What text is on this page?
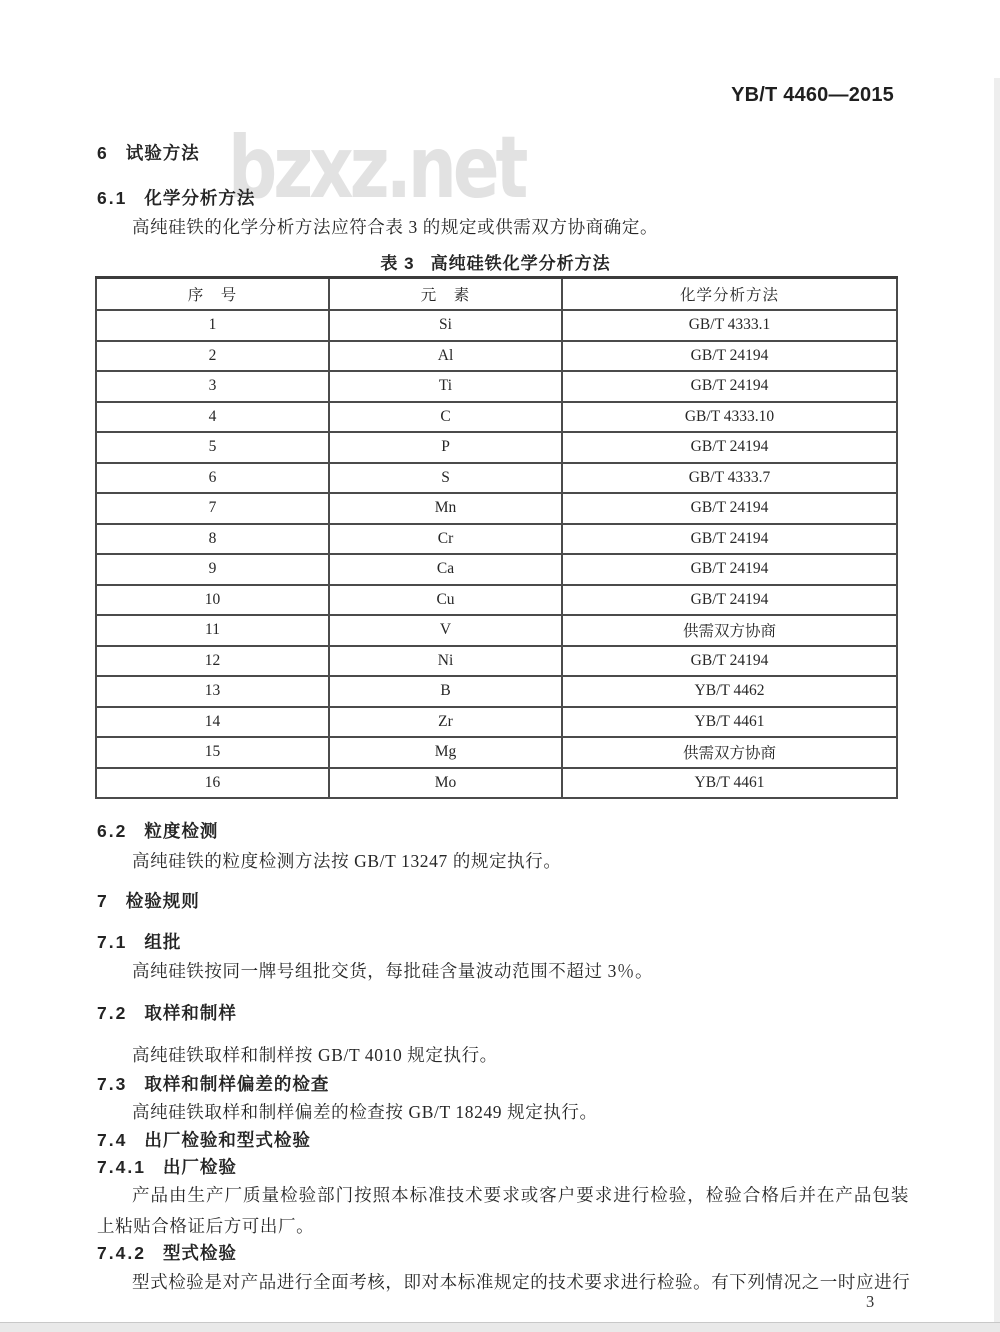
bzxz.net
YB/T 4460—2015
6 试验方法
6.1 化学分析方法
高纯硅铁的化学分析方法应符合表 3 的规定或供需双方协商确定。
表 3 高纯硅铁化学分析方法
序　号	元　素	化学分析方法
1	Si	GB/T 4333.1
2	Al	GB/T 24194
3	Ti	GB/T 24194
4	C	GB/T 4333.10
5	P	GB/T 24194
6	S	GB/T 4333.7
7	Mn	GB/T 24194
8	Cr	GB/T 24194
9	Ca	GB/T 24194
10	Cu	GB/T 24194
11	V	供需双方协商
12	Ni	GB/T 24194
13	B	YB/T 4462
14	Zr	YB/T 4461
15	Mg	供需双方协商
16	Mo	YB/T 4461
6.2 粒度检测
高纯硅铁的粒度检测方法按 GB/T 13247 的规定执行。
7 检验规则
7.1 组批
高纯硅铁按同一牌号组批交货，每批硅含量波动范围不超过 3％。
7.2 取样和制样
高纯硅铁取样和制样按 GB/T 4010 规定执行。
7.3 取样和制样偏差的检查
高纯硅铁取样和制样偏差的检查按 GB/T 18249 规定执行。
7.4 出厂检验和型式检验
7.4.1 出厂检验
产品由生产厂质量检验部门按照本标准技术要求或客户要求进行检验，检验合格后并在产品包装上粘贴合格证后方可出厂。
7.4.2 型式检验
型式检验是对产品进行全面考核，即对本标准规定的技术要求进行检验。有下列情况之一时应进行
3
